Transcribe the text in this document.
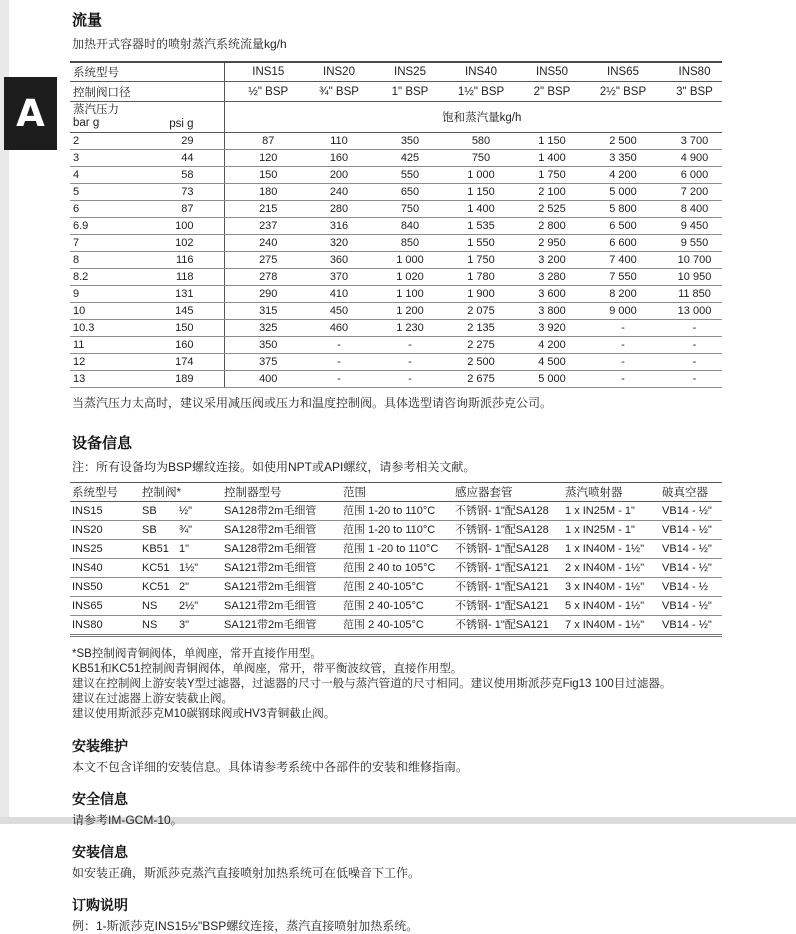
A
流量

加热开式容器时的喷射蒸汽系统流量kg/h

系统型号		INS15	INS20	INS25	INS40	INS50	INS65	INS80
控制阀口径		½" BSP	¾" BSP	1" BSP	1½" BSP	2" BSP	2½" BSP	3" BSP

蒸汽压力
bar g	psi g	饱和蒸汽量kg/h						
2	29	87	110	350	580	1 150	2 500	3 700
3	44	120	160	425	750	1 400	3 350	4 900
4	58	150	200	550	1 000	1 750	4 200	6 000
5	73	180	240	650	1 150	2 100	5 000	7 200
6	87	215	280	750	1 400	2 525	5 800	8 400
6.9	100	237	316	840	1 535	2 800	6 500	9 450
7	102	240	320	850	1 550	2 950	6 600	9 550
8	116	275	360	1 000	1 750	3 200	7 400	10 700
8.2	118	278	370	1 020	1 780	3 280	7 550	10 950
9	131	290	410	1 100	1 900	3 600	8 200	11 850
10	145	315	450	1 200	2 075	3 800	9 000	13 000
10.3	150	325	460	1 230	2 135	3 920	-	-
11	160	350	-	-	2 275	4 200	-	-
12	174	375	-	-	2 500	4 500	-	-
13	189	400	-	-	2 675	5 000	-	-

当蒸汽压力太高时，建议采用减压阀或压力和温度控制阀。具体选型请咨询斯派莎克公司。

设备信息

注：所有设备均为BSP螺纹连接。如使用NPT或API螺纹，请参考相关文献。

系统型号	控制阀*		控制器型号	范围	感应器套管	蒸汽喷射器	破真空器
INS15	SB	½"	SA128带2m毛细管	范围 1-20 to 110°C	不锈钢- 1"配SA128	1 x IN25M - 1"	VB14 - ½"
INS20	SB	¾"	SA128带2m毛细管	范围 1-20 to 110°C	不锈钢- 1"配SA128	1 x IN25M - 1"	VB14 - ½"
INS25	KB51	1"	SA128带2m毛细管	范围 1 -20 to 110°C	不锈钢- 1"配SA128	1 x IN40M - 1½"	VB14 - ½"
INS40	KC51	1½"	SA121带2m毛细管	范围 2 40 to 105°C	不锈钢- 1"配SA121	2 x IN40M - 1½"	VB14 - ½"
INS50	KC51	2"	SA121带2m毛细管	范围 2 40-105°C	不锈钢- 1"配SA121	3 x IN40M - 1½"	VB14 - ½
INS65	NS	2½"	SA121带2m毛细管	范围 2 40-105°C	不锈钢- 1"配SA121	5 x IN40M - 1½"	VB14 - ½"
INS80	NS	3"	SA121带2m毛细管	范围 2 40-105°C	不锈钢- 1"配SA121	7 x IN40M - 1½"	VB14 - ½"

*SB控制阀青铜阀体，单阀座，常开直接作用型。

KB51和KC51控制阀青铜阀体，单阀座，常开，带平衡波纹管，直接作用型。

建议在控制阀上游安装Y型过滤器，过滤器的尺寸一般与蒸汽管道的尺寸相同。建议使用斯派莎克Fig13 100目过滤器。

建议在过滤器上游安装截止阀。

建议使用斯派莎克M10碳钢球阀或HV3青铜截止阀。

安装维护

本文不包含详细的安装信息。具体请参考系统中各部件的安装和维修指南。

安全信息

请参考IM-GCM-10。

安装信息

如安装正确，斯派莎克蒸汽直接喷射加热系统可在低噪音下工作。

订购说明

例：1-斯派莎克INS15½"BSP螺纹连接，蒸汽直接喷射加热系统。
